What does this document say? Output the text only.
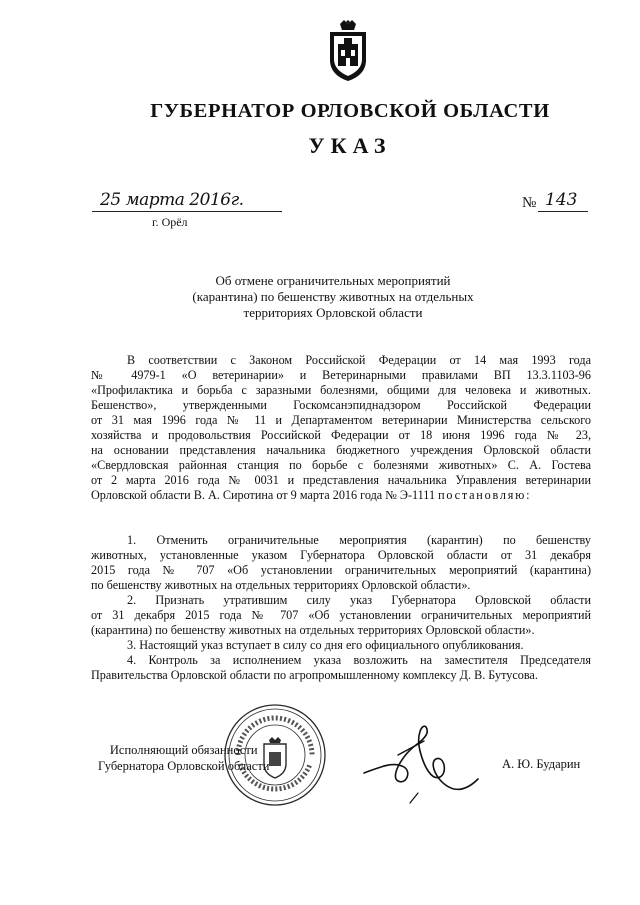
ГУБЕРНАТОР ОРЛОВСКОЙ ОБЛАСТИ
УКАЗ
25 марта 2016г.
г. Орёл
№ 143
Об отмене ограничительных мероприятий
(карантина) по бешенству животных на отдельных
территориях Орловской области
В соответствии с Законом Российской Федерации от 14 мая 1993 года
№ 4979-1 «О ветеринарии» и Ветеринарными правилами ВП 13.3.1103-96
«Профилактика и борьба с заразными болезнями, общими для человека и животных.
Бешенство», утвержденными Госкомсанэпиднадзором Российской Федерации
от 31 мая 1996 года № 11 и Департаментом ветеринарии Министерства сельского
хозяйства и продовольствия Российской Федерации от 18 июня 1996 года № 23,
на основании представления начальника бюджетного учреждения Орловской области
«Свердловская районная станция по борьбе с болезнями животных» С. А. Гостева
от 2 марта 2016 года № 0031 и представления начальника Управления ветеринарии
Орловской области В. А. Сиротина от 9 марта 2016 года № Э-1111 постановляю:
1. Отменить ограничительные мероприятия (карантин) по бешенству
животных, установленные указом Губернатора Орловской области от 31 декабря
2015 года № 707 «Об установлении ограничительных мероприятий (карантина)
по бешенству животных на отдельных территориях Орловской области».
2. Признать утратившим силу указ Губернатора Орловской области
от 31 декабря 2015 года № 707 «Об установлении ограничительных мероприятий
(карантина) по бешенству животных на отдельных территориях Орловской области».
3. Настоящий указ вступает в силу со дня его официального опубликования.
4. Контроль за исполнением указа возложить на заместителя Председателя
Правительства Орловской области по агропромышленному комплексу Д. В. Бутусова.
Исполняющий обязанности
Губернатора Орловской области	А. Ю. Бударин
